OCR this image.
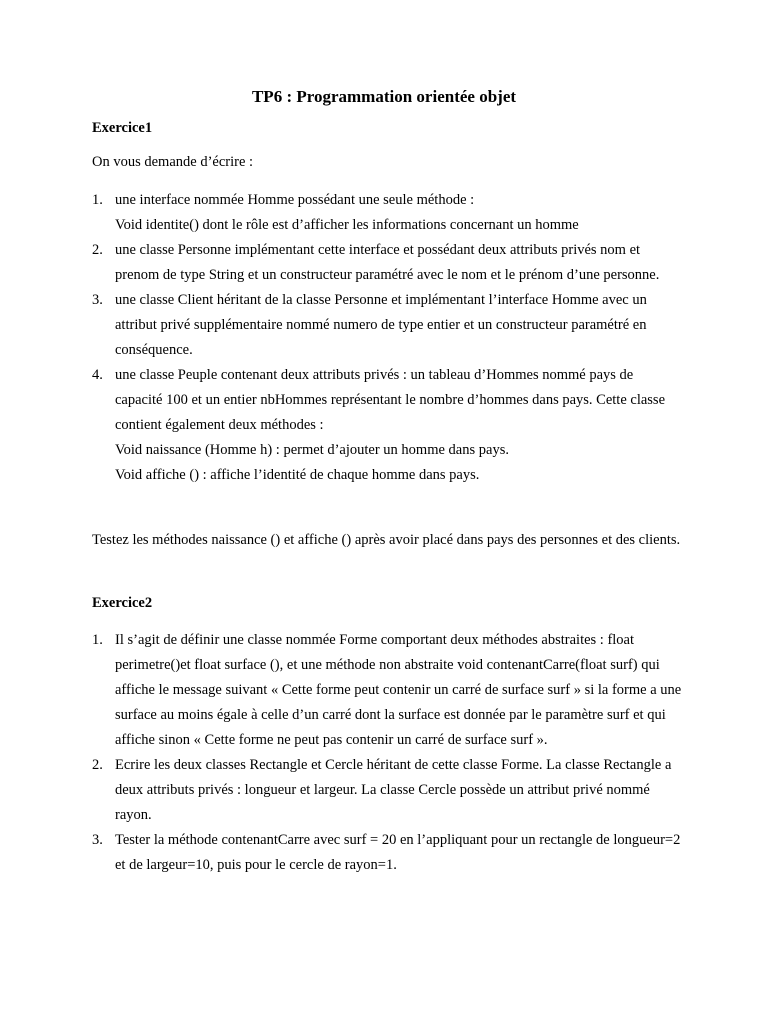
TP6 : Programmation orientée objet
Exercice1
On vous demande d’écrire :
1. une interface nommée Homme possédant une seule méthode :
Void identite() dont le rôle est d’afficher les informations concernant un homme
2. une classe Personne implémentant cette interface et possédant deux attributs privés nom et prenom de type String et un constructeur paramétré avec le nom et le prénom d’une personne.
3. une classe Client héritant de la classe Personne et implémentant l’interface Homme avec un attribut privé supplémentaire nommé numero de type entier et un constructeur paramétré en conséquence.
4. une classe Peuple contenant deux attributs privés : un tableau d’Hommes nommé pays de capacité 100 et un entier nbHommes représentant le nombre d’hommes dans pays. Cette classe contient également deux méthodes :
Void naissance (Homme h) : permet d’ajouter un homme dans pays.
Void affiche () : affiche l’identité de chaque homme dans pays.
Testez les méthodes naissance () et affiche () après avoir placé dans pays des personnes et des clients.
Exercice2
1. Il s’agit de définir une classe nommée Forme comportant deux méthodes abstraites : float perimetre()et float surface (), et une méthode non abstraite void contenantCarre(float surf) qui affiche le message suivant « Cette forme peut contenir un carré de surface surf » si la forme a une surface au moins égale à celle d’un carré dont la surface est donnée par le paramètre surf et qui affiche sinon « Cette forme ne peut pas contenir un carré de surface surf ».
2. Ecrire les deux classes Rectangle et Cercle héritant de cette classe Forme. La classe Rectangle a deux attributs privés : longueur et largeur. La classe Cercle possède un attribut privé nommé rayon.
3. Tester la méthode contenantCarre avec surf = 20 en l’appliquant pour un rectangle de longueur=2 et de largeur=10, puis pour le cercle de rayon=1.
